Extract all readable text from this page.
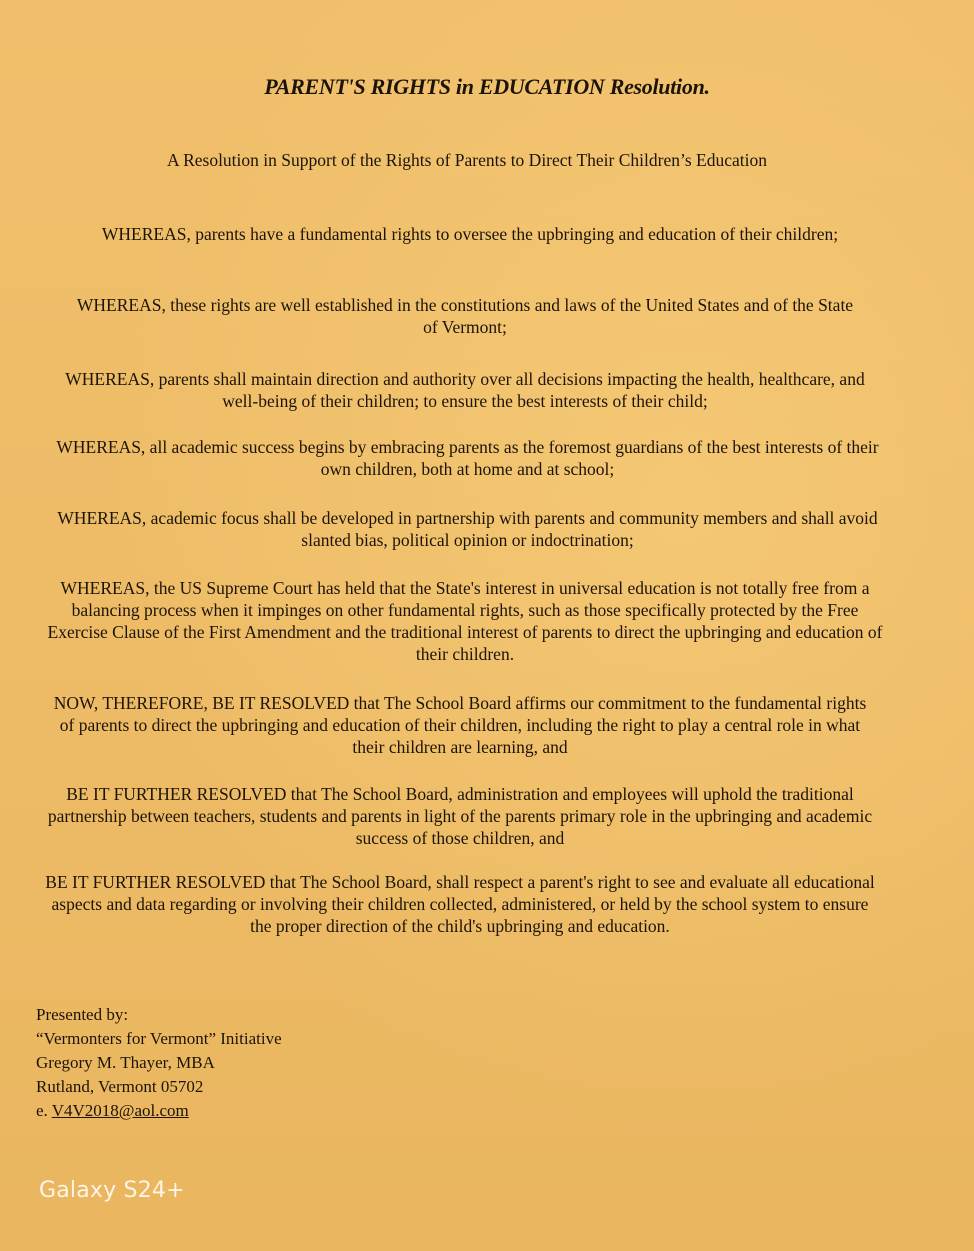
PARENT'S RIGHTS in EDUCATION Resolution.
A Resolution in Support of the Rights of Parents to Direct Their Children’s Education
WHEREAS, parents have a fundamental rights to oversee the upbringing and education of their children;
WHEREAS, these rights are well established in the constitutions and laws of the United States and of the State of Vermont;
WHEREAS, parents shall maintain direction and authority over all decisions impacting the health, healthcare, and well-being of their children; to ensure the best interests of their child;
WHEREAS, all academic success begins by embracing parents as the foremost guardians of the best interests of their own children, both at home and at school;
WHEREAS, academic focus shall be developed in partnership with parents and community members and shall avoid slanted bias, political opinion or indoctrination;
WHEREAS, the US Supreme Court has held that the State's interest in universal education is not totally free from a balancing process when it impinges on other fundamental rights, such as those specifically protected by the Free Exercise Clause of the First Amendment and the traditional interest of parents to direct the upbringing and education of their children.
NOW, THEREFORE, BE IT RESOLVED that The School Board affirms our commitment to the fundamental rights of parents to direct the upbringing and education of their children, including the right to play a central role in what their children are learning, and
BE IT FURTHER RESOLVED that The School Board, administration and employees will uphold the traditional partnership between teachers, students and parents in light of the parents primary role in the upbringing and academic success of those children, and
BE IT FURTHER RESOLVED that The School Board, shall respect a parent's right to see and evaluate all educational aspects and data regarding or involving their children collected, administered, or held by the school system to ensure the proper direction of the child's upbringing and education.
Presented by:
“Vermonters for Vermont” Initiative
Gregory M. Thayer, MBA
Rutland, Vermont 05702
e. V4V2018@aol.com
Galaxy S24+
